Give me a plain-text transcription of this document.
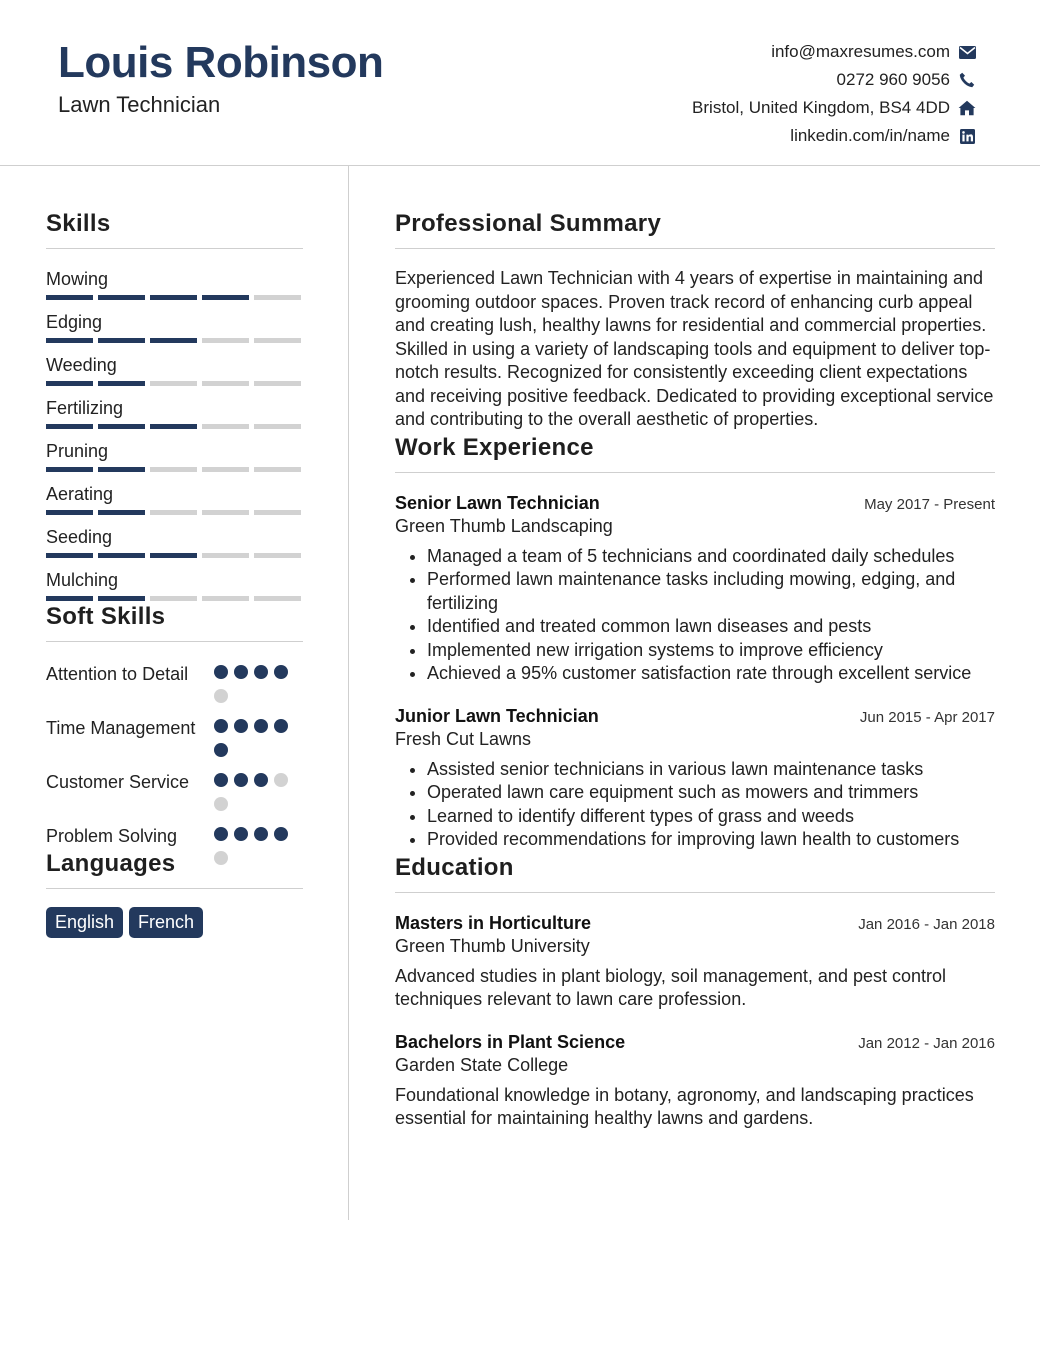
Louis Robinson
Lawn Technician
info@maxresumes.com
0272 960 9056
Bristol, United Kingdom, BS4 4DD
linkedin.com/in/name
Skills
Mowing
Edging
Weeding
Fertilizing
Pruning
Aerating
Seeding
Mulching
Soft Skills
Attention to Detail
Time Management
Customer Service
Problem Solving
Languages
English	French
Professional Summary

Experienced Lawn Technician with 4 years of expertise in maintaining and grooming outdoor spaces. Proven track record of enhancing curb appeal and creating lush, healthy lawns for residential and commercial properties. Skilled in using a variety of landscaping tools and equipment to deliver top-notch results. Recognized for consistently exceeding client expectations and receiving positive feedback. Dedicated to providing exceptional service and contributing to the overall aesthetic of properties.

Work Experience
Senior Lawn Technician	May 2017 - Present
Green Thumb Landscaping
• Managed a team of 5 technicians and coordinated daily schedules
• Performed lawn maintenance tasks including mowing, edging, and fertilizing
• Identified and treated common lawn diseases and pests
• Implemented new irrigation systems to improve efficiency
• Achieved a 95% customer satisfaction rate through excellent service
Junior Lawn Technician	Jun 2015 - Apr 2017
Fresh Cut Lawns
• Assisted senior technicians in various lawn maintenance tasks
• Operated lawn care equipment such as mowers and trimmers
• Learned to identify different types of grass and weeds
• Provided recommendations for improving lawn health to customers
Education
Masters in Horticulture	Jan 2016 - Jan 2018
Green Thumb University
Advanced studies in plant biology, soil management, and pest control techniques relevant to lawn care profession.
Bachelors in Plant Science	Jan 2012 - Jan 2016
Garden State College
Foundational knowledge in botany, agronomy, and landscaping practices essential for maintaining healthy lawns and gardens.
